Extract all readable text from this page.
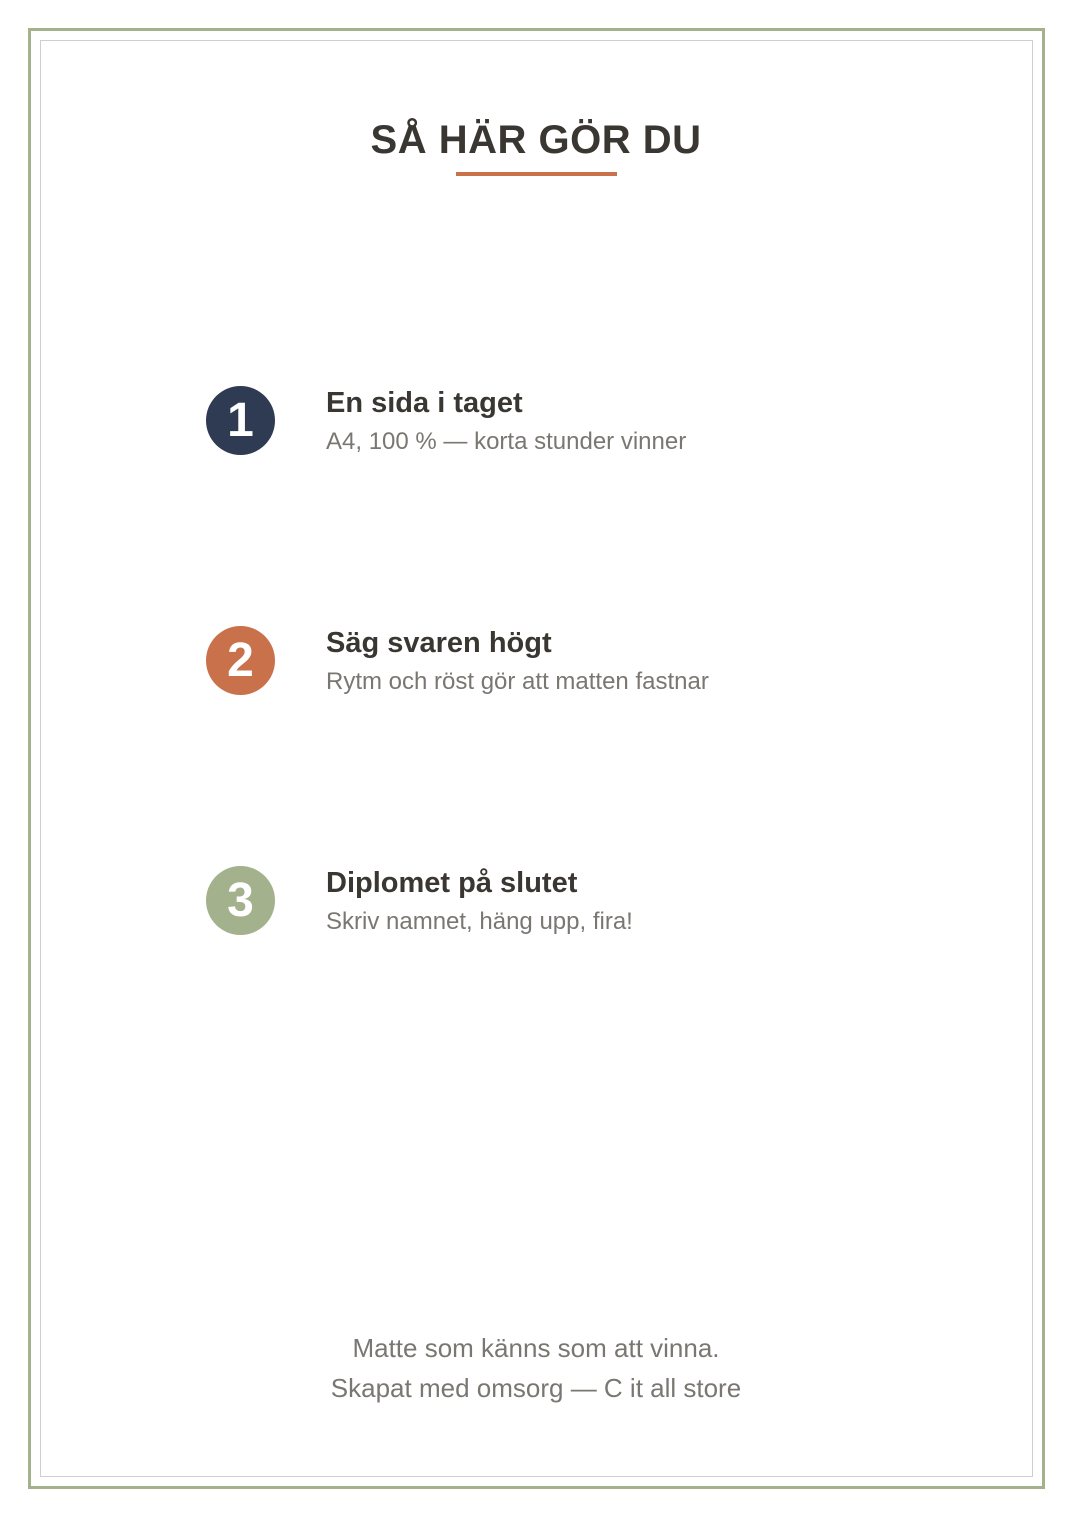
SÅ HÄR GÖR DU
1	En sida i taget
A4, 100 % — korta stunder vinner
2	Säg svaren högt
Rytm och röst gör att matten fastnar
3	Diplomet på slutet
Skriv namnet, häng upp, fira!
Matte som känns som att vinna.
Skapat med omsorg — C it all store
